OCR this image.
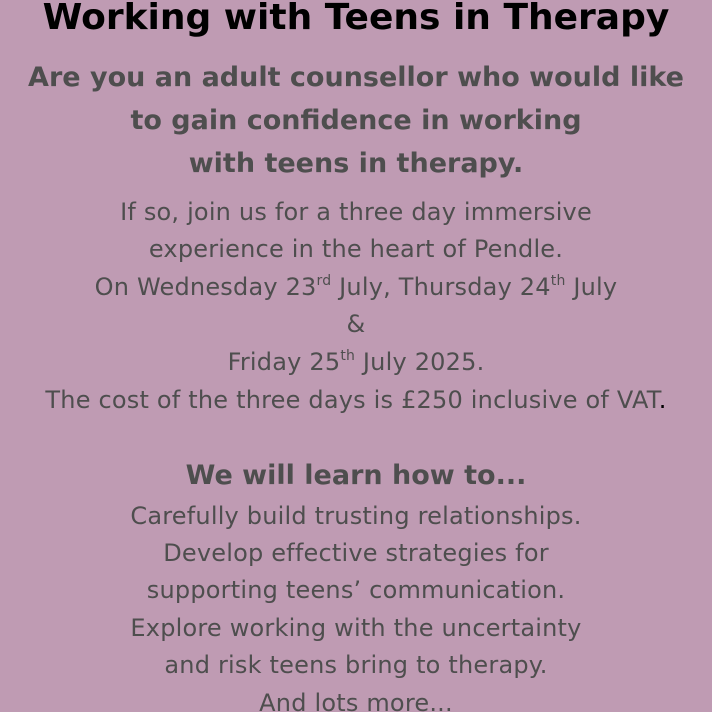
Working with Teens in Therapy
Are you an adult counsellor who would like
to gain confidence in working
with teens in therapy.
If so, join us for a three day immersive
experience in the heart of Pendle.
On Wednesday 23rd July, Thursday 24th July
&
Friday 25th July 2025.
The cost of the three days is £250 inclusive of VAT.
We will learn how to...
Carefully build trusting relationships.
Develop effective strategies for
supporting teens’ communication.
Explore working with the uncertainty
and risk teens bring to therapy.
And lots more...
